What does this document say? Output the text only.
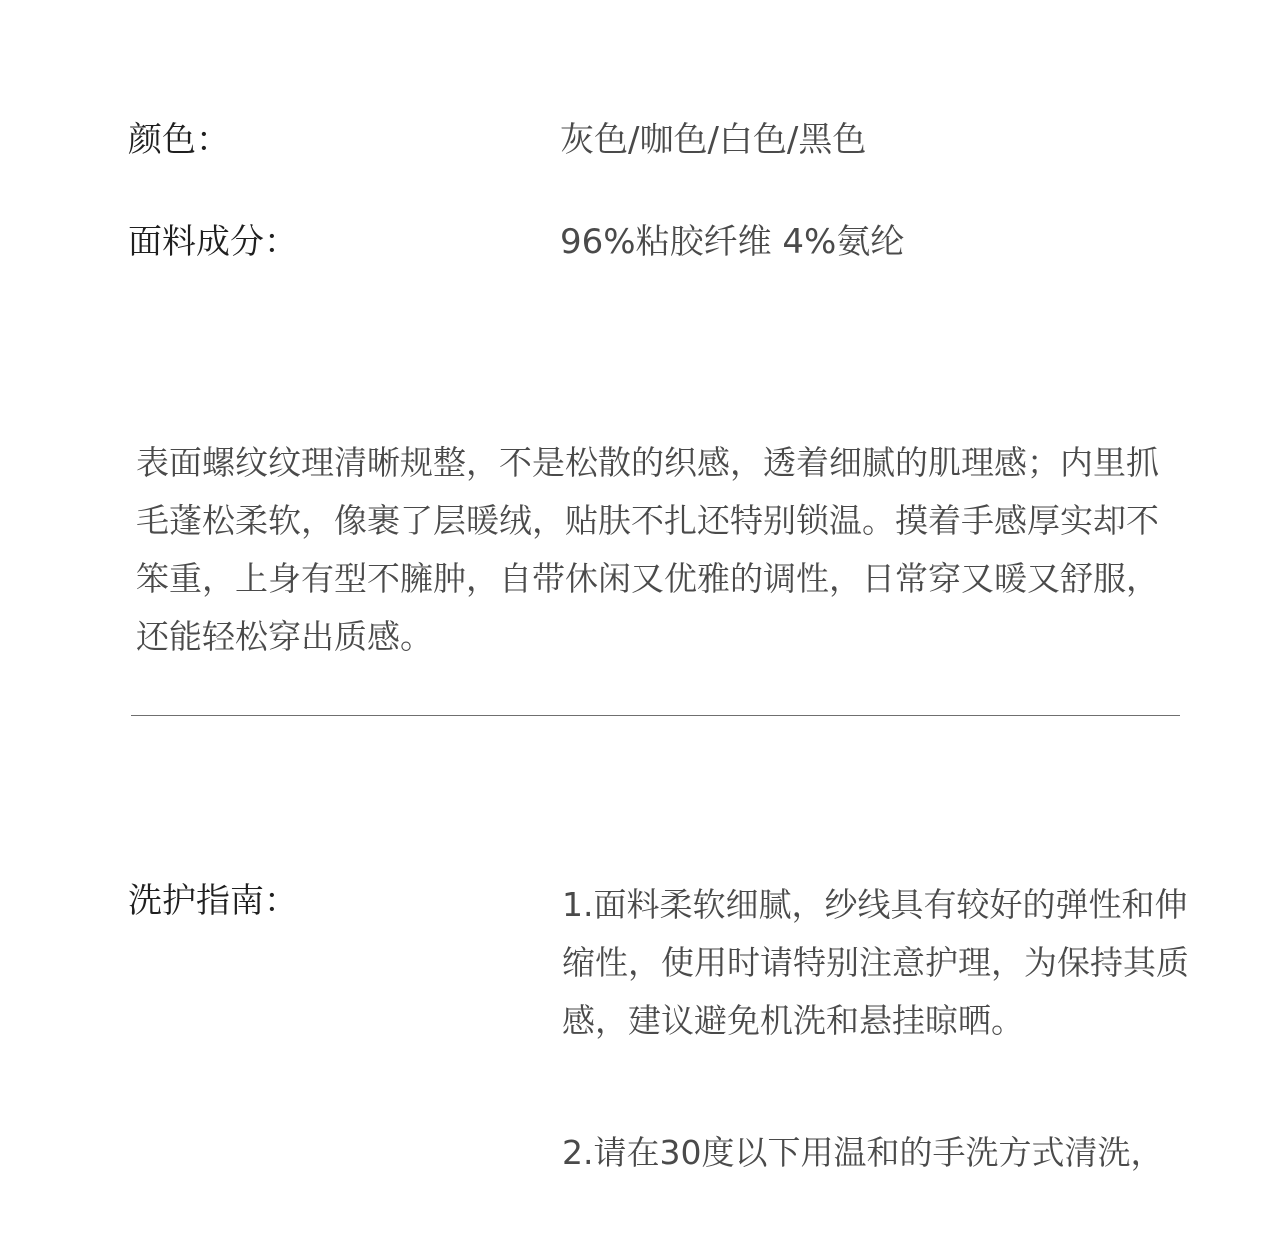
颜色：	灰色/咖色/白色/黑色
面料成分：	96%粘胶纤维 4%氨纶

表面螺纹纹理清晰规整，不是松散的织感，透着细腻的肌理感；内里抓毛蓬松柔软，像裹了层暖绒，贴肤不扎还特别锁温。摸着手感厚实却不笨重，上身有型不臃肿，自带休闲又优雅的调性，日常穿又暖又舒服，还能轻松穿出质感。

洗护指南：	1.面料柔软细腻，纱线具有较好的弹性和伸缩性，使用时请特别注意护理，为保持其质感，建议避免机洗和悬挂晾晒。
2.请在30度以下用温和的手洗方式清洗，
